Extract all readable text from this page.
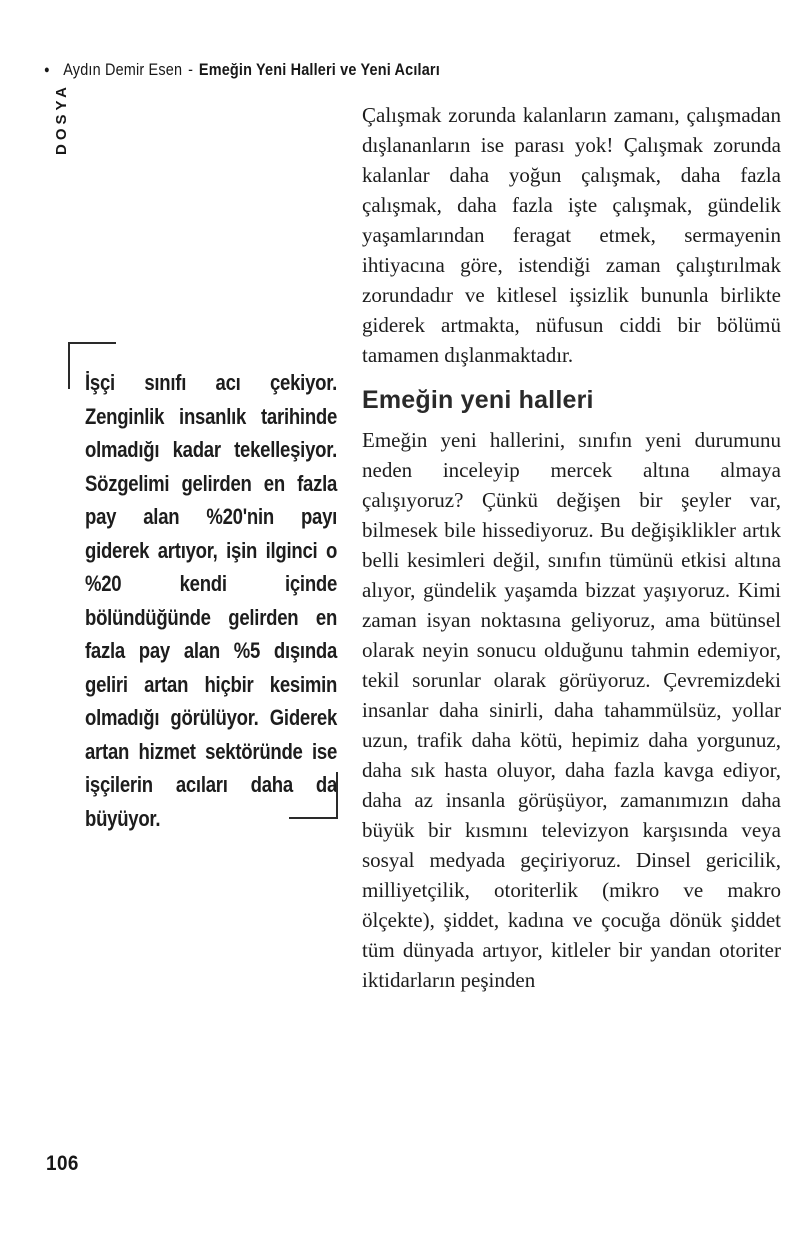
● Aydın Demir Esen - Emeğin Yeni Halleri ve Yeni Acıları
DOSYA
İşçi sınıfı acı çekiyor. Zenginlik insanlık tarihinde olmadığı kadar tekelleşiyor. Sözgelimi gelirden en fazla pay alan %20'nin payı giderek artıyor, işin ilginci o %20 kendi içinde bölündüğünde gelirden en fazla pay alan %5 dışında geliri artan hiçbir kesimin olmadığı görülüyor. Giderek artan hizmet sektöründe ise işçilerin acıları daha da büyüyor.

Çalışmak zorunda kalanların zamanı, çalışmadan dışlananların ise parası yok! Çalışmak zorunda kalanlar daha yoğun çalışmak, daha fazla çalışmak, daha fazla işte çalışmak, gündelik yaşamlarından feragat etmek, sermayenin ihtiyacına göre, istendiği zaman çalıştırılmak zorundadır ve kitlesel işsizlik bununla birlikte giderek artmakta, nüfusun ciddi bir bölümü tamamen dışlanmaktadır.

Emeğin yeni halleri

Emeğin yeni hallerini, sınıfın yeni durumunu neden inceleyip mercek altına almaya çalışıyoruz? Çünkü değişen bir şeyler var, bilmesek bile hissediyoruz. Bu değişiklikler artık belli kesimleri değil, sınıfın tümünü etkisi altına alıyor, gündelik yaşamda bizzat yaşıyoruz. Kimi zaman isyan noktasına geliyoruz, ama bütünsel olarak neyin sonucu olduğunu tahmin edemiyor, tekil sorunlar olarak görüyoruz. Çevremizdeki insanlar daha sinirli, daha tahammülsüz, yollar uzun, trafik daha kötü, hepimiz daha yorgunuz, daha sık hasta oluyor, daha fazla kavga ediyor, daha az insanla görüşüyor, zamanımızın daha büyük bir kısmını televizyon karşısında veya sosyal medyada geçiriyoruz. Dinsel gericilik, milliyetçilik, otoriterlik (mikro ve makro ölçekte), şiddet, kadına ve çocuğa dönük şiddet tüm dünyada artıyor, kitleler bir yandan otoriter iktidarların peşinden

106
